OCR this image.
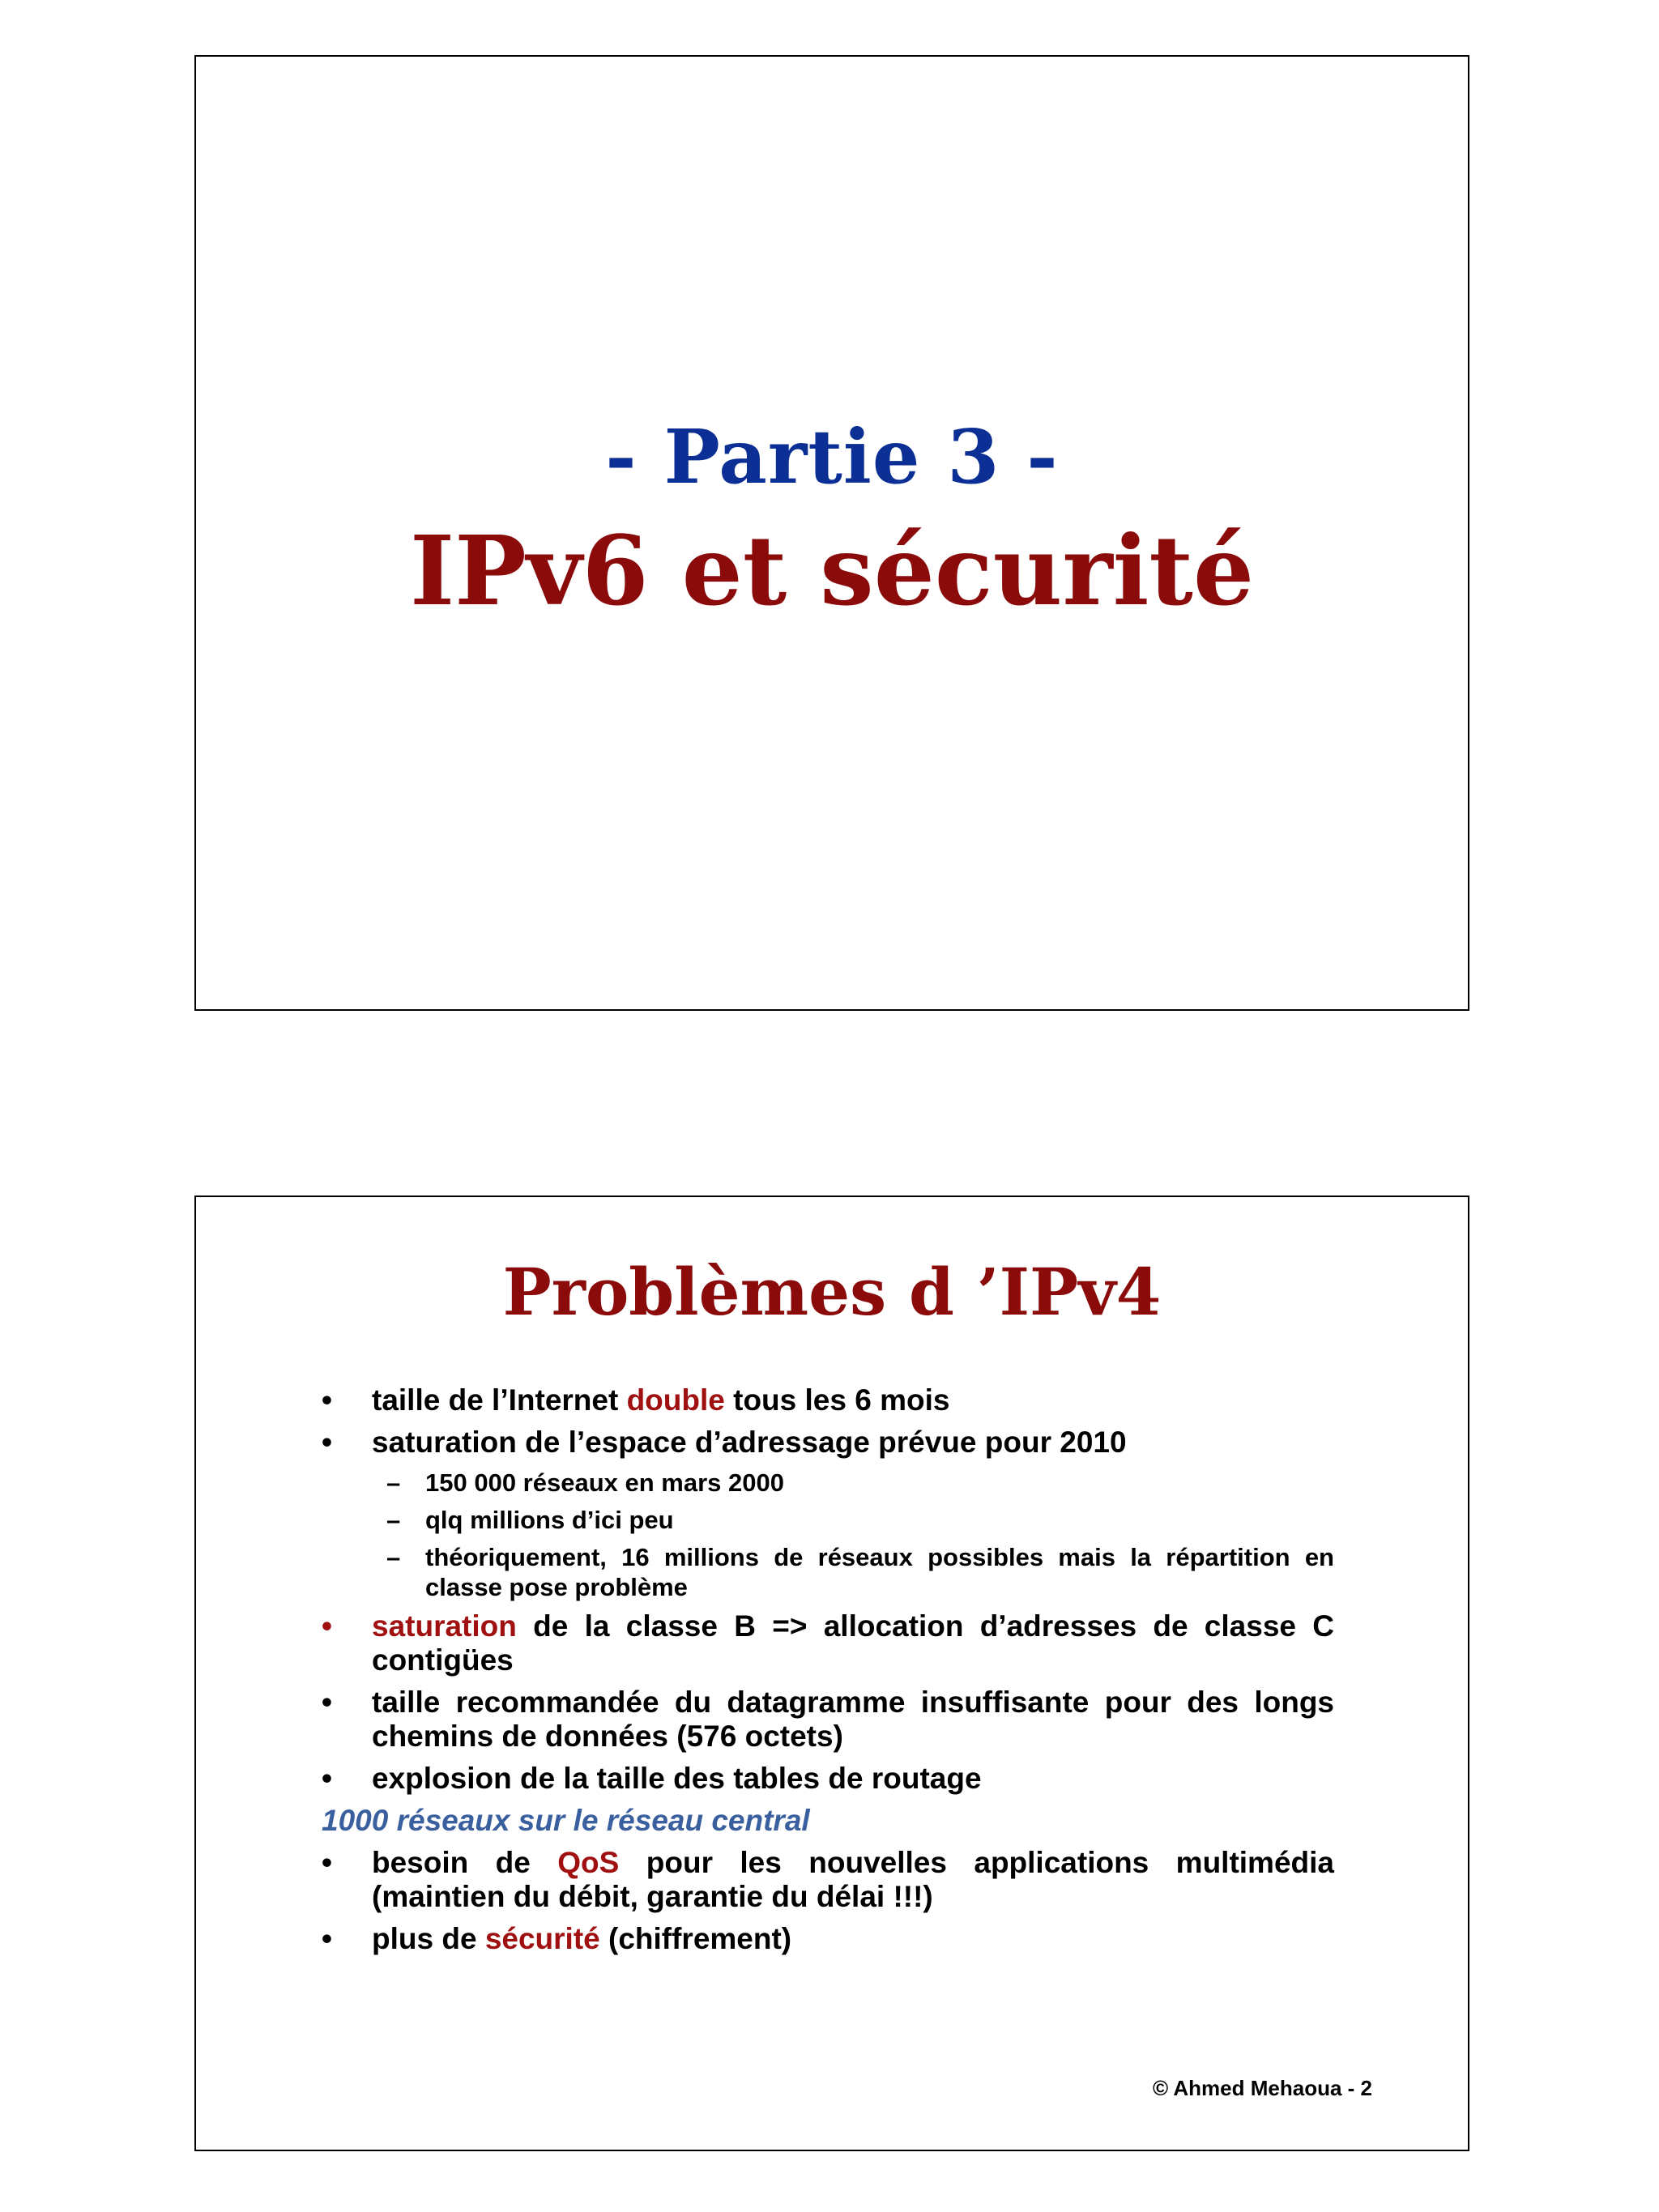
- Partie 3 -
IPv6 et sécurité
Problèmes d ’IPv4
•	taille de l’Internet double tous les 6 mois
•	saturation de l’espace d’adressage prévue pour 2010
– 150 000 réseaux en mars 2000
– qlq millions d’ici peu
– théoriquement, 16 millions de réseaux possibles mais la répartition en classe pose problème
•	saturation de la classe B => allocation d’adresses de classe C contigües
•	taille recommandée du datagramme insuffisante pour des longs chemins de données (576 octets)
•	explosion de la taille des tables de routage
1000 réseaux sur le réseau central
•	besoin de QoS pour les nouvelles applications multimédia (maintien du débit, garantie du délai !!!)
•	plus de sécurité (chiffrement)
© Ahmed Mehaoua - 2
